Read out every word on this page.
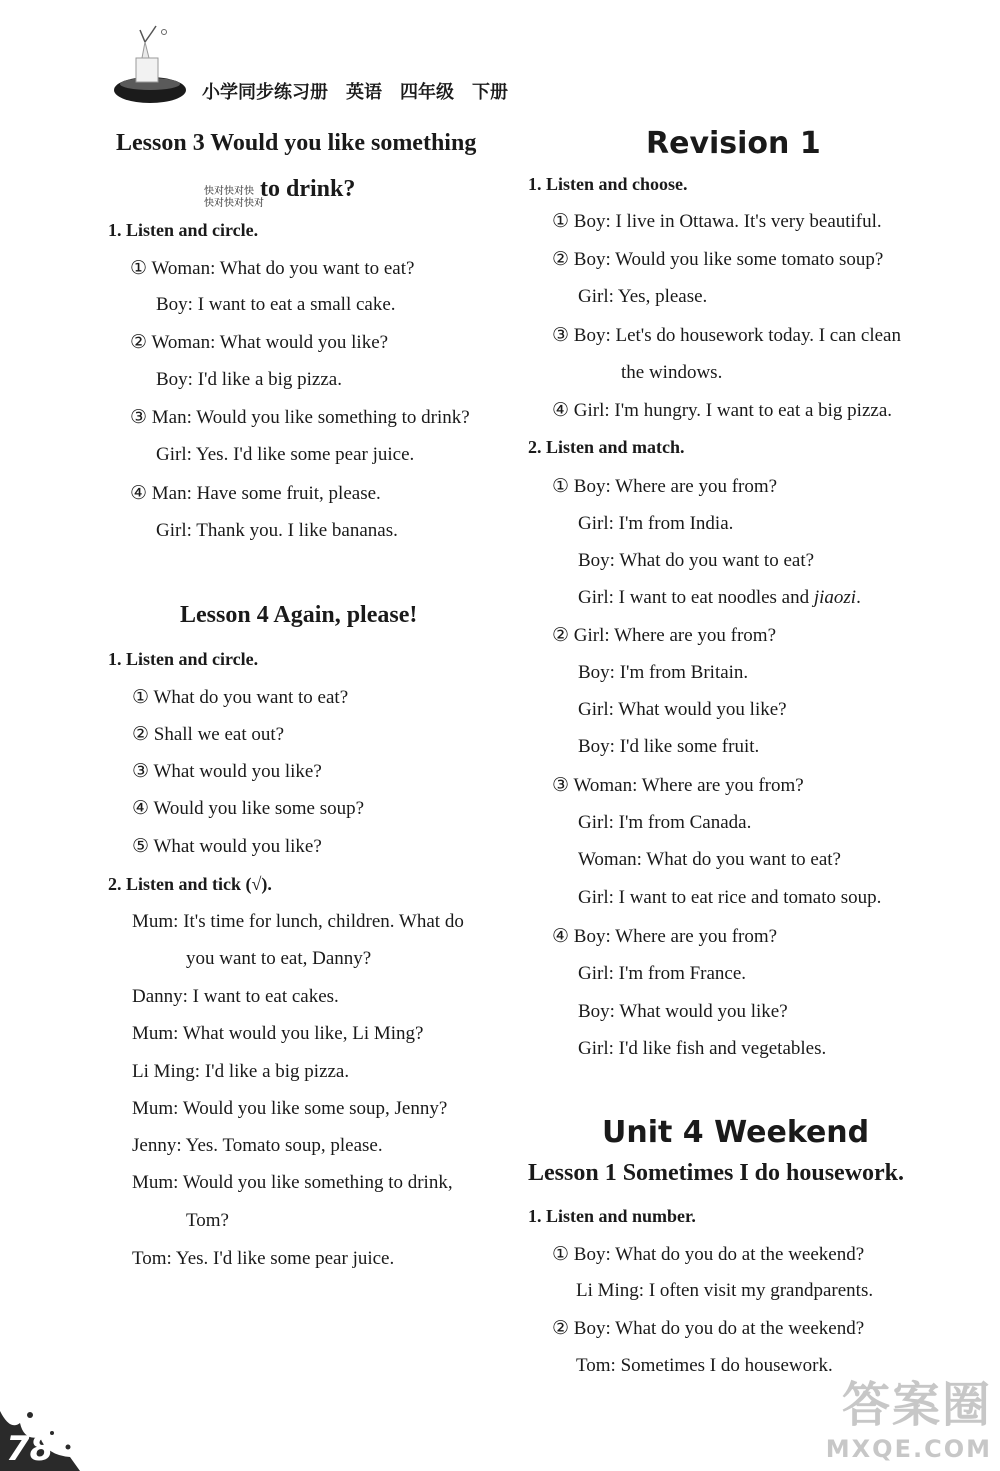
小学同步练习册　英语　四年级　下册
Lesson 3 Would you like something
快对快对快
快对快对快对
to drink?
1. Listen and circle.
① Woman: What do you want to eat?
Boy: I want to eat a small cake.
② Woman: What would you like?
Boy: I'd like a big pizza.
③ Man: Would you like something to drink?
Girl: Yes. I'd like some pear juice.
④ Man: Have some fruit, please.
Girl: Thank you. I like bananas.
Lesson 4 Again, please!
1. Listen and circle.
① What do you want to eat?
② Shall we eat out?
③ What would you like?
④ Would you like some soup?
⑤ What would you like?
2. Listen and tick (√).
Mum: It's time for lunch, children. What do
you want to eat, Danny?
Danny: I want to eat cakes.
Mum: What would you like, Li Ming?
Li Ming: I'd like a big pizza.
Mum: Would you like some soup, Jenny?
Jenny: Yes. Tomato soup, please.
Mum: Would you like something to drink,
Tom?
Tom: Yes. I'd like some pear juice.
Revision 1
1. Listen and choose.
① Boy: I live in Ottawa. It's very beautiful.
② Boy: Would you like some tomato soup?
Girl: Yes, please.
③ Boy: Let's do housework today. I can clean
the windows.
④ Girl: I'm hungry. I want to eat a big pizza.
2. Listen and match.
① Boy: Where are you from?
Girl: I'm from India.
Boy: What do you want to eat?
Girl: I want to eat noodles and jiaozi.
② Girl: Where are you from?
Boy: I'm from Britain.
Girl: What would you like?
Boy: I'd like some fruit.
③ Woman: Where are you from?
Girl: I'm from Canada.
Woman: What do you want to eat?
Girl: I want to eat rice and tomato soup.
④ Boy: Where are you from?
Girl: I'm from France.
Boy: What would you like?
Girl: I'd like fish and vegetables.
Unit 4 Weekend
Lesson 1 Sometimes I do housework.
1. Listen and number.
① Boy: What do you do at the weekend?
Li Ming: I often visit my grandparents.
② Boy: What do you do at the weekend?
Tom: Sometimes I do housework.
78
答案圈
MXQE.COM
